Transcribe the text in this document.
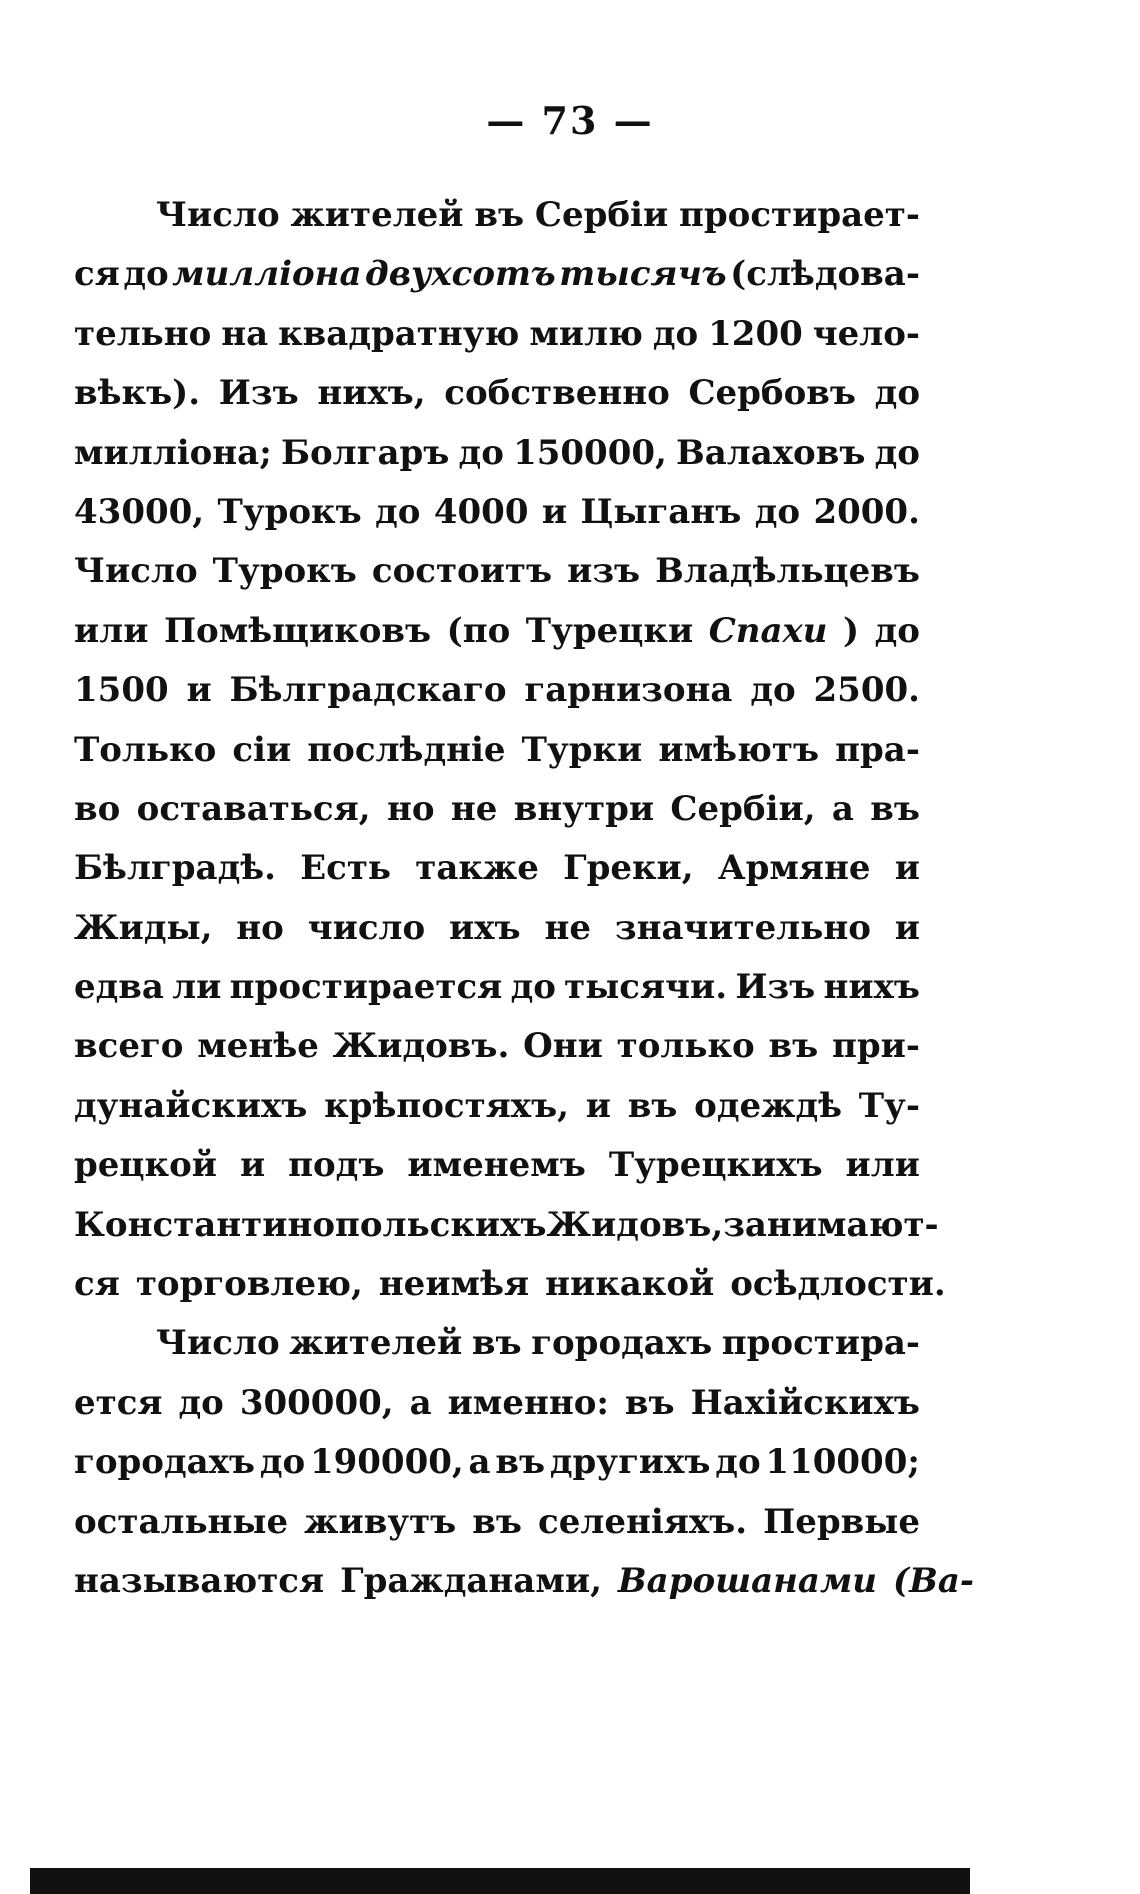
— 73 —
Число жителей въ Сербіи простирает-
ся до милліона двухсотъ тысячъ (слѣдова-
тельно на квадратную милю до 1200 чело-
вѣкъ). Изъ нихъ, собственно Сербовъ до
милліона; Болгаръ до 150000, Валаховъ до
43000, Турокъ до 4000 и Цыганъ до 2000.
Число Турокъ состоитъ изъ Владѣльцевъ
или Помѣщиковъ (по Турецки Спахи ) до
1500 и Бѣлградскаго гарнизона до 2500.
Только сіи послѣдніе Турки имѣютъ пра-
во оставаться, но не внутри Сербіи, а въ
Бѣлградѣ. Есть также Греки, Армяне и
Жиды, но число ихъ не значительно и
едва ли простирается до тысячи. Изъ нихъ
всего менѣе Жидовъ. Они только въ при-
дунайскихъ крѣпостяхъ, и въ одеждѣ Ту-
рецкой и подъ именемъ Турецкихъ или
Константинопольскихъ Жидовъ, занимают-
ся торговлею, неимѣя никакой осѣдлости.
Число жителей въ городахъ простира-
ется до 300000, а именно: въ Нахійскихъ
городахъ до 190000, а въ другихъ до 110000;
остальные живутъ въ селеніяхъ. Первые
называются Гражданами, Варошанами (Ва-
